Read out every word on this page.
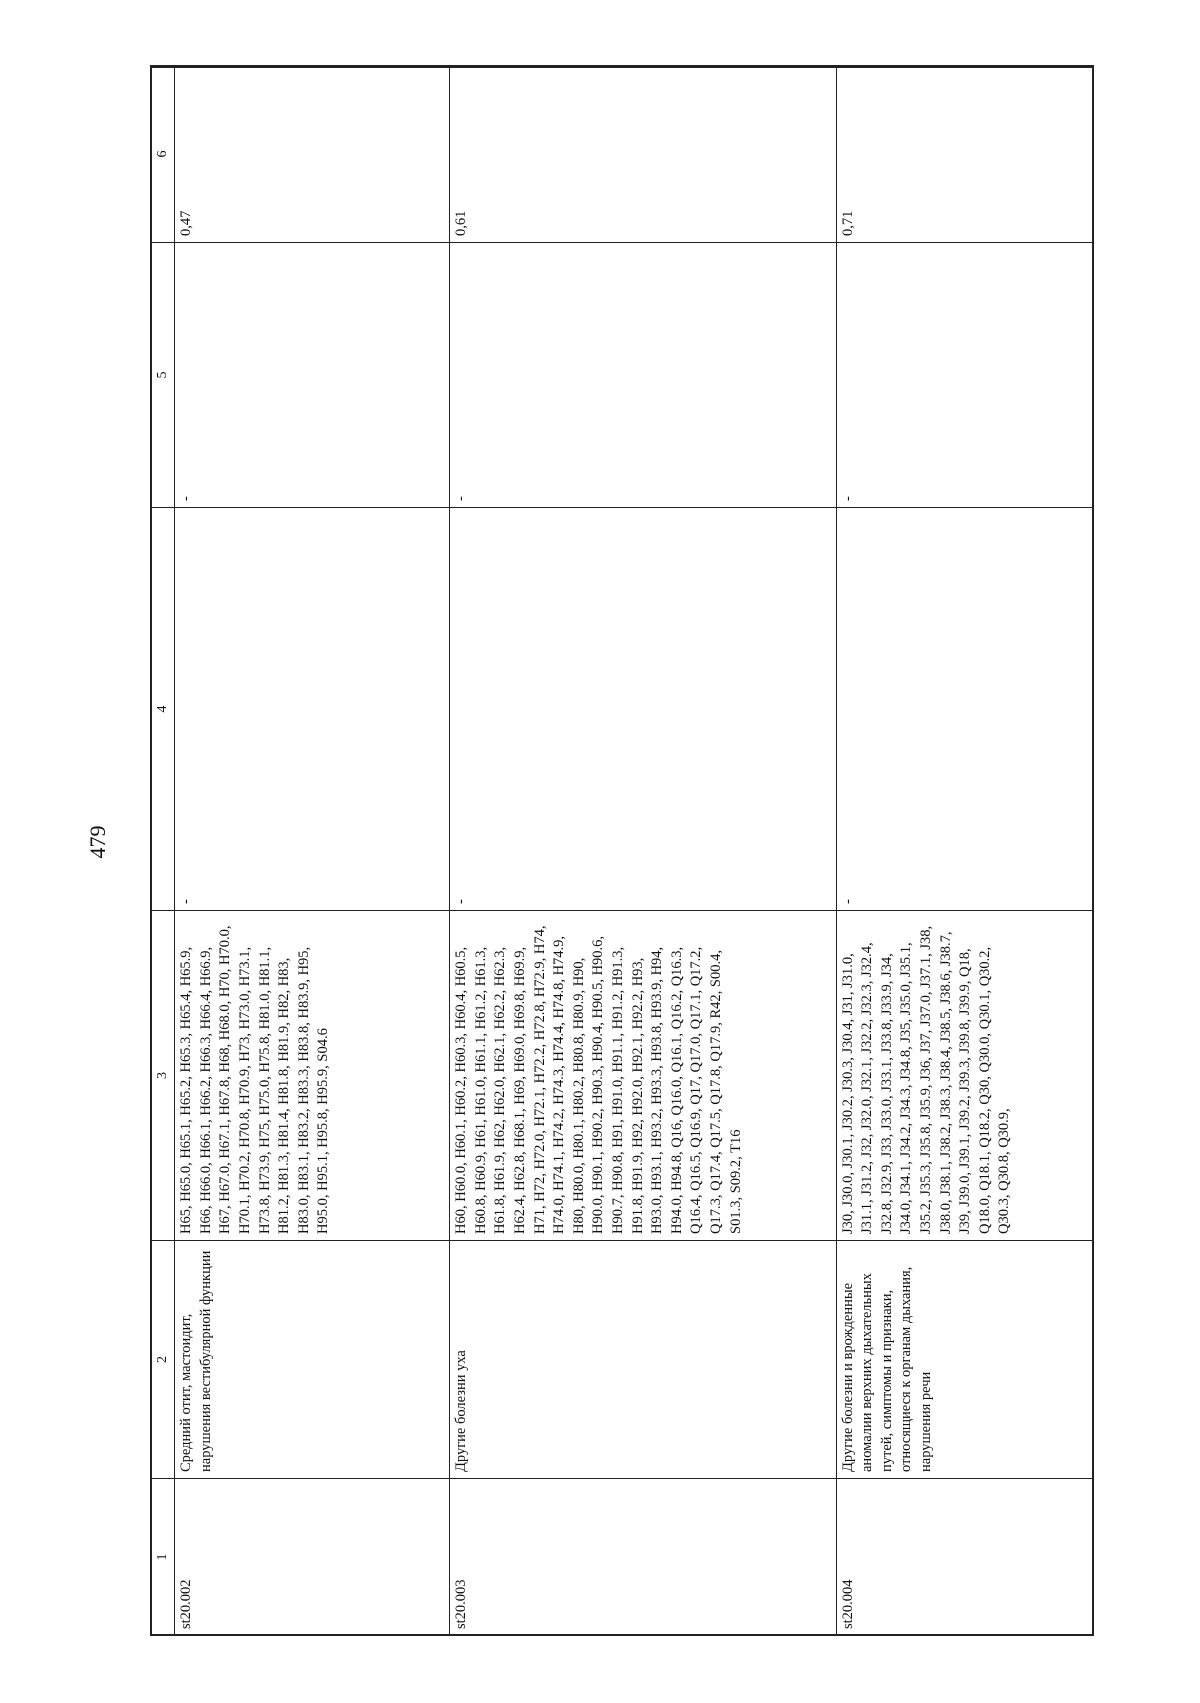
479
1	2	3	4	5	6
st20.002	Средний отит, мастоидит, нарушения вестибулярной функции	H65, H65.0, H65.1, H65.2, H65.3, H65.4, H65.9, H66, H66.0, H66.1, H66.2, H66.3, H66.4, H66.9, H67, H67.0, H67.1, H67.8, H68, H68.0, H70, H70.0, H70.1, H70.2, H70.8, H70.9, H73, H73.0, H73.1, H73.8, H73.9, H75, H75.0, H75.8, H81.0, H81.1, H81.2, H81.3, H81.4, H81.8, H81.9, H82, H83, H83.0, H83.1, H83.2, H83.3, H83.8, H83.9, H95, H95.0, H95.1, H95.8, H95.9, S04.6	-	-	0,47
st20.003	Другие болезни уха	H60, H60.0, H60.1, H60.2, H60.3, H60.4, H60.5, H60.8, H60.9, H61, H61.0, H61.1, H61.2, H61.3, H61.8, H61.9, H62, H62.0, H62.1, H62.2, H62.3, H62.4, H62.8, H68.1, H69, H69.0, H69.8, H69.9, H71, H72, H72.0, H72.1, H72.2, H72.8, H72.9, H74, H74.0, H74.1, H74.2, H74.3, H74.4, H74.8, H74.9, H80, H80.0, H80.1, H80.2, H80.8, H80.9, H90, H90.0, H90.1, H90.2, H90.3, H90.4, H90.5, H90.6, H90.7, H90.8, H91, H91.0, H91.1, H91.2, H91.3, H91.8, H91.9, H92, H92.0, H92.1, H92.2, H93, H93.0, H93.1, H93.2, H93.3, H93.8, H93.9, H94, H94.0, H94.8, Q16, Q16.0, Q16.1, Q16.2, Q16.3, Q16.4, Q16.5, Q16.9, Q17, Q17.0, Q17.1, Q17.2, Q17.3, Q17.4, Q17.5, Q17.8, Q17.9, R42, S00.4, S01.3, S09.2, T16	-	-	0,61
st20.004	Другие болезни и врожденные аномалии верхних дыхательных путей, симптомы и признаки, относящиеся к органам дыхания, нарушения речи	J30, J30.0, J30.1, J30.2, J30.3, J30.4, J31, J31.0, J31.1, J31.2, J32, J32.0, J32.1, J32.2, J32.3, J32.4, J32.8, J32.9, J33, J33.0, J33.1, J33.8, J33.9, J34, J34.0, J34.1, J34.2, J34.3, J34.8, J35, J35.0, J35.1, J35.2, J35.3, J35.8, J35.9, J36, J37, J37.0, J37.1, J38, J38.0, J38.1, J38.2, J38.3, J38.4, J38.5, J38.6, J38.7, J39, J39.0, J39.1, J39.2, J39.3, J39.8, J39.9, Q18, Q18.0, Q18.1, Q18.2, Q30, Q30.0, Q30.1, Q30.2, Q30.3, Q30.8, Q30.9,	-	-	0,71
